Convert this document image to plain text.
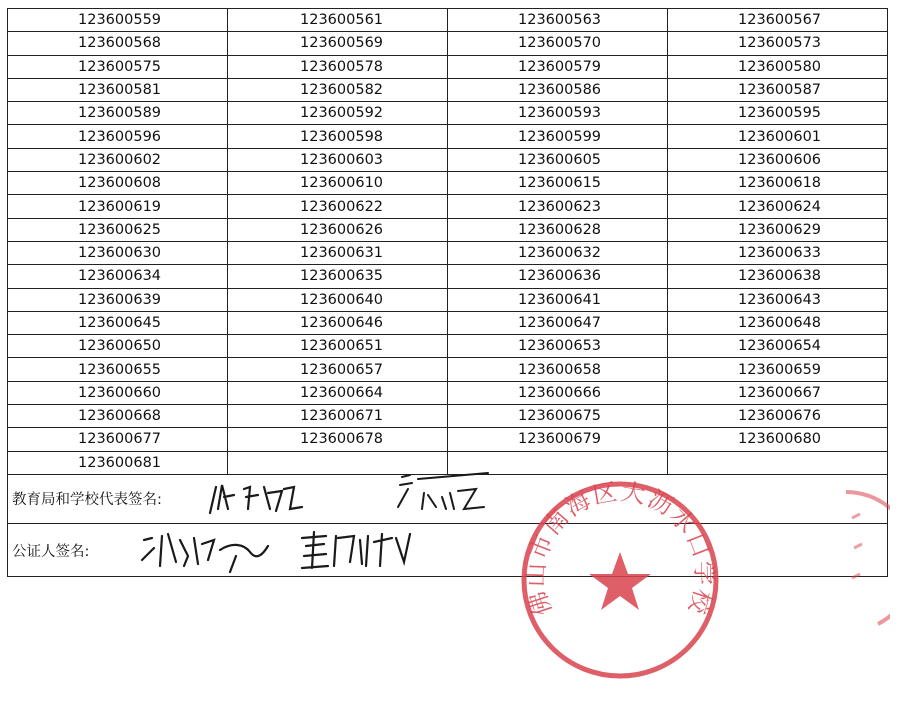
123600559	123600561	123600563	123600567
123600568	123600569	123600570	123600573
123600575	123600578	123600579	123600580
123600581	123600582	123600586	123600587
123600589	123600592	123600593	123600595
123600596	123600598	123600599	123600601
123600602	123600603	123600605	123600606
123600608	123600610	123600615	123600618
123600619	123600622	123600623	123600624
123600625	123600626	123600628	123600629
123600630	123600631	123600632	123600633
123600634	123600635	123600636	123600638
123600639	123600640	123600641	123600643
123600645	123600646	123600647	123600648
123600650	123600651	123600653	123600654
123600655	123600657	123600658	123600659
123600660	123600664	123600666	123600667
123600668	123600671	123600675	123600676
123600677	123600678	123600679	123600680
123600681			
教育局和学校代表签名:
公证人签名:
佛山市南海区大沥水口学校
